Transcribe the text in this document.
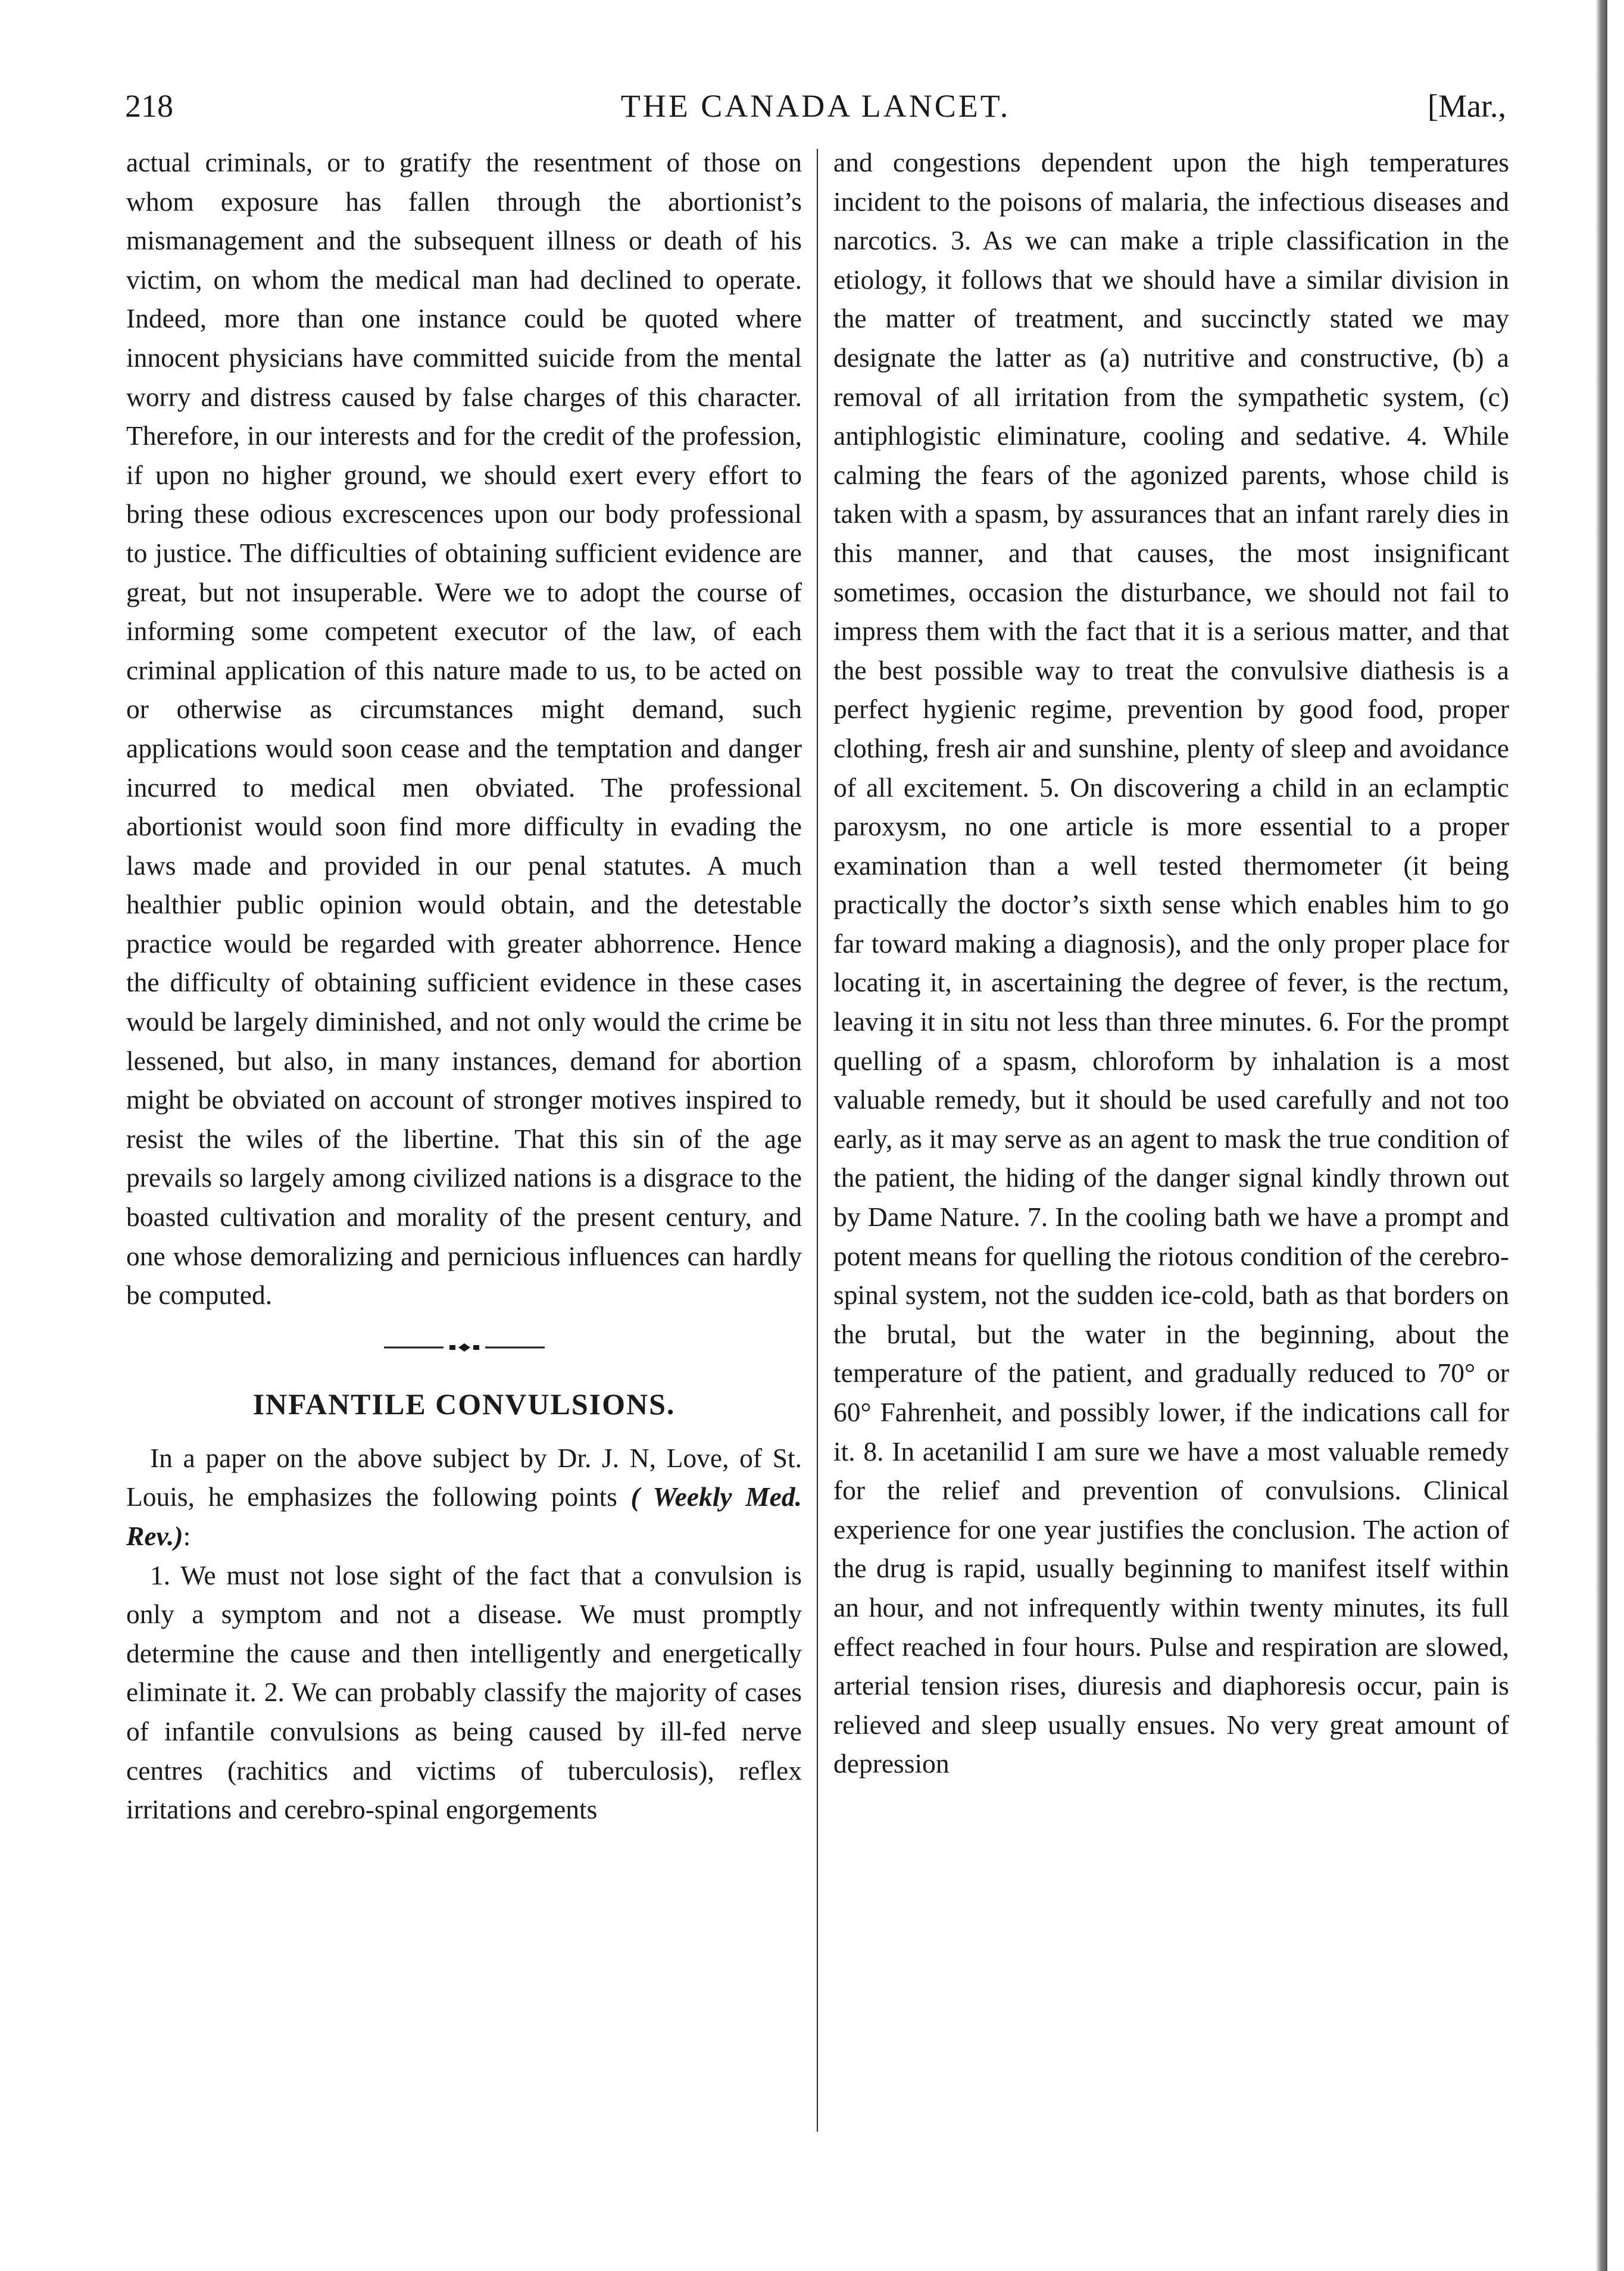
218	THE CANADA LANCET.	[Mar.,

actual criminals, or to gratify the resentment of those on whom exposure has fallen through the abortionist’s mismanagement and the subsequent illness or death of his victim, on whom the medical man had declined to operate. Indeed, more than one instance could be quoted where innocent physicians have committed suicide from the mental worry and distress caused by false charges of this character. Therefore, in our interests and for the credit of the profession, if upon no higher ground, we should exert every effort to bring these odious excrescences upon our body professional to justice. The difficulties of obtaining sufficient evidence are great, but not insuperable. Were we to adopt the course of informing some competent executor of the law, of each criminal application of this nature made to us, to be acted on or otherwise as circumstances might demand, such applications would soon cease and the temptation and danger incurred to medical men obviated. The professional abortionist would soon find more difficulty in evading the laws made and provided in our penal statutes. A much healthier public opinion would obtain, and the detestable practice would be regarded with greater abhorrence. Hence the difficulty of obtaining sufficient evidence in these cases would be largely diminished, and not only would the crime be lessened, but also, in many instances, demand for abortion might be obviated on account of stronger motives inspired to resist the wiles of the libertine. That this sin of the age prevails so largely among civilized nations is a disgrace to the boasted cultivation and morality of the present century, and one whose demoralizing and pernicious influences can hardly be computed.

INFANTILE CONVULSIONS.

In a paper on the above subject by Dr. J. N, Love, of St. Louis, he emphasizes the following points ( Weekly Med. Rev.):

1. We must not lose sight of the fact that a convulsion is only a symptom and not a disease. We must promptly determine the cause and then intelligently and energetically eliminate it. 2. We can probably classify the majority of cases of infantile convulsions as being caused by ill-fed nerve centres (rachitics and victims of tuberculosis), reflex irritations and cerebro-spinal engorgements

and congestions dependent upon the high temperatures incident to the poisons of malaria, the infectious diseases and narcotics. 3. As we can make a triple classification in the etiology, it follows that we should have a similar division in the matter of treatment, and succinctly stated we may designate the latter as (a) nutritive and constructive, (b) a removal of all irritation from the sympathetic system, (c) antiphlogistic eliminature, cooling and sedative. 4. While calming the fears of the agonized parents, whose child is taken with a spasm, by assurances that an infant rarely dies in this manner, and that causes, the most insignificant sometimes, occasion the disturbance, we should not fail to impress them with the fact that it is a serious matter, and that the best possible way to treat the convulsive diathesis is a perfect hygienic regime, prevention by good food, proper clothing, fresh air and sunshine, plenty of sleep and avoidance of all excitement. 5. On discovering a child in an eclamptic paroxysm, no one article is more essential to a proper examination than a well tested thermometer (it being practically the doctor’s sixth sense which enables him to go far toward making a diagnosis), and the only proper place for locating it, in ascertaining the degree of fever, is the rectum, leaving it in situ not less than three minutes. 6. For the prompt quelling of a spasm, chloroform by inhalation is a most valuable remedy, but it should be used carefully and not too early, as it may serve as an agent to mask the true condition of the patient, the hiding of the danger signal kindly thrown out by Dame Nature. 7. In the cooling bath we have a prompt and potent means for quelling the riotous condition of the cerebrospinal system, not the sudden ice-cold, bath as that borders on the brutal, but the water in the beginning, about the temperature of the patient, and gradually reduced to 70° or 60° Fahrenheit, and possibly lower, if the indications call for it. 8. In acetanilid I am sure we have a most valuable remedy for the relief and prevention of convulsions. Clinical experience for one year justifies the conclusion. The action of the drug is rapid, usually beginning to manifest itself within an hour, and not infrequently within twenty minutes, its full effect reached in four hours. Pulse and respiration are slowed, arterial tension rises, diuresis and diaphoresis occur, pain is relieved and sleep usually ensues. No very great amount of depression
